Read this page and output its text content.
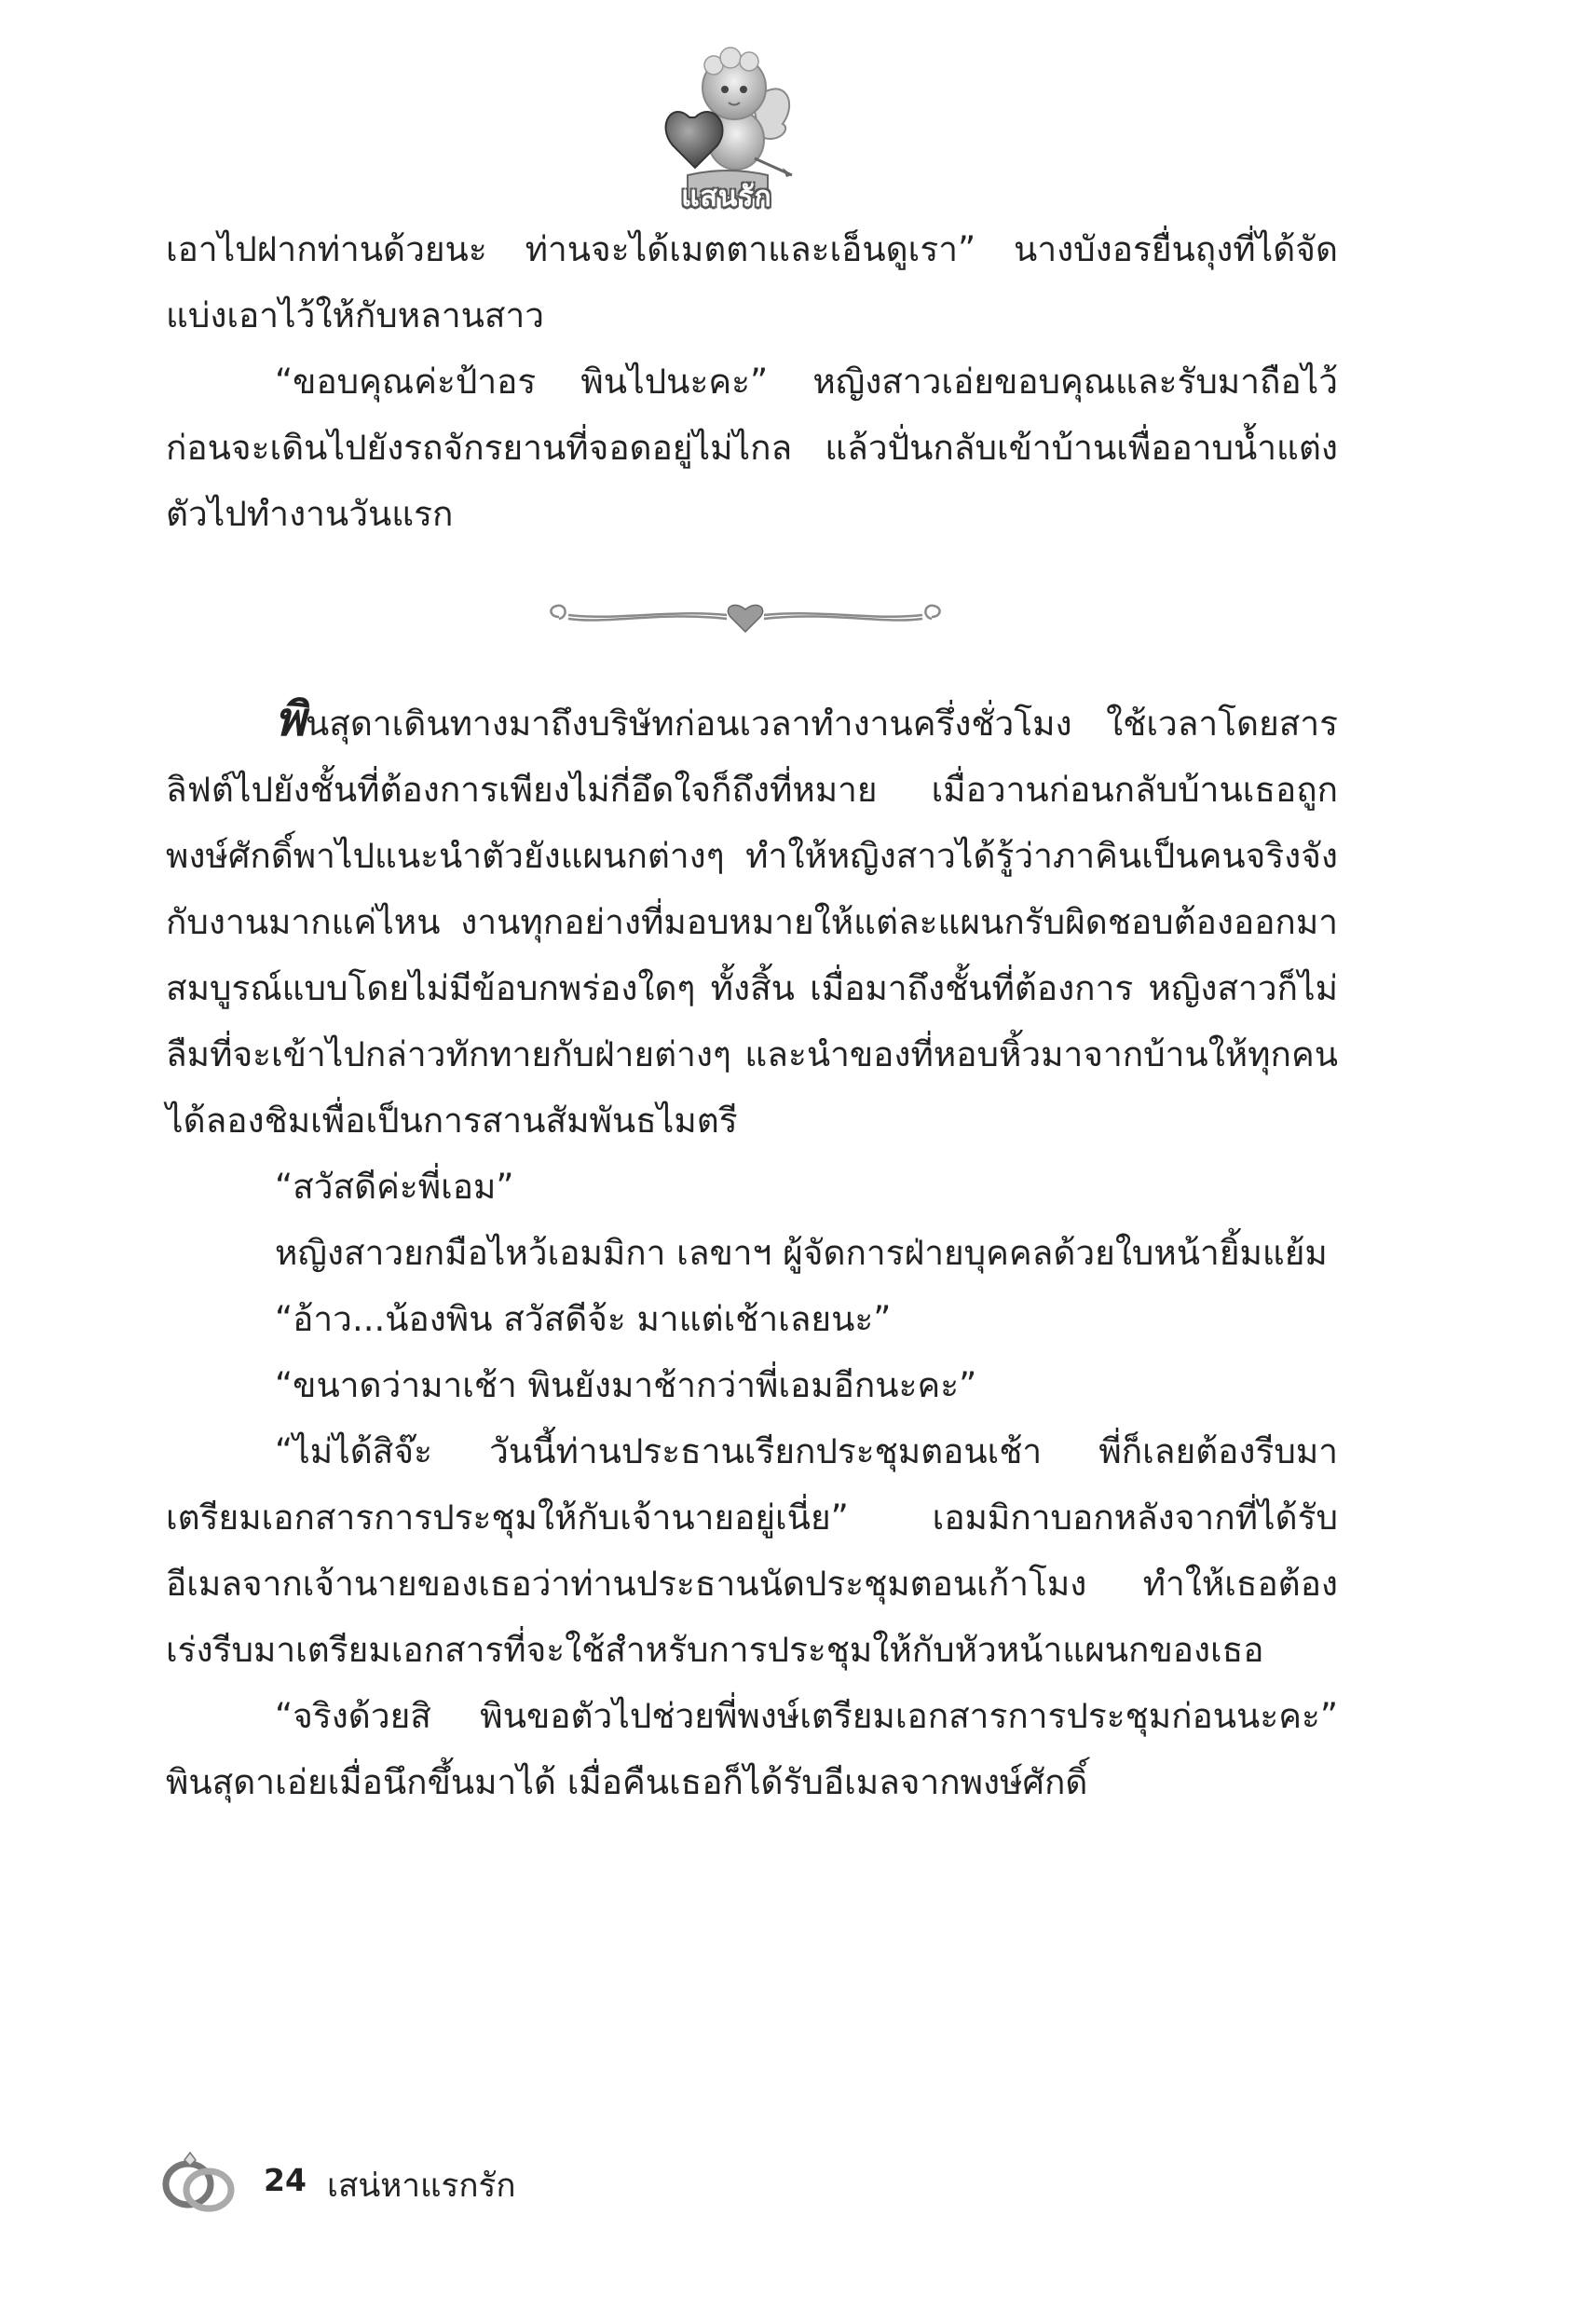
แสนรัก

เอาไปฝากท่านด้วยนะ ท่านจะได้เมตตาและเอ็นดูเรา” นางบังอรยื่นถุงที่ได้จัดแบ่งเอาไว้ให้กับหลานสาว

“ขอบคุณค่ะป้าอร พินไปนะคะ” หญิงสาวเอ่ยขอบคุณและรับมาถือไว้ ก่อนจะเดินไปยังรถจักรยานที่จอดอยู่ไม่ไกล แล้วปั่นกลับเข้าบ้านเพื่ออาบน้ำแต่งตัวไปทำงานวันแรก

พินสุดาเดินทางมาถึงบริษัทก่อนเวลาทำงานครึ่งชั่วโมง ใช้เวลาโดยสารลิฟต์ไปยังชั้นที่ต้องการเพียงไม่กี่อึดใจก็ถึงที่หมาย เมื่อวานก่อนกลับบ้านเธอถูกพงษ์ศักดิ์พาไปแนะนำตัวยังแผนกต่างๆ ทำให้หญิงสาวได้รู้ว่าภาคินเป็นคนจริงจังกับงานมากแค่ไหน งานทุกอย่างที่มอบหมายให้แต่ละแผนกรับผิดชอบต้องออกมาสมบูรณ์แบบโดยไม่มีข้อบกพร่องใดๆ ทั้งสิ้น เมื่อมาถึงชั้นที่ต้องการ หญิงสาวก็ไม่ลืมที่จะเข้าไปกล่าวทักทายกับฝ่ายต่างๆ และนำของที่หอบหิ้วมาจากบ้านให้ทุกคนได้ลองชิมเพื่อเป็นการสานสัมพันธไมตรี

“สวัสดีค่ะพี่เอม”

หญิงสาวยกมือไหว้เอมมิกา เลขาฯ ผู้จัดการฝ่ายบุคคลด้วยใบหน้ายิ้มแย้ม

“อ้าว...น้องพิน สวัสดีจ้ะ มาแต่เช้าเลยนะ”

“ขนาดว่ามาเช้า พินยังมาช้ากว่าพี่เอมอีกนะคะ”

“ไม่ได้สิจ๊ะ วันนี้ท่านประธานเรียกประชุมตอนเช้า พี่ก็เลยต้องรีบมาเตรียมเอกสารการประชุมให้กับเจ้านายอยู่เนี่ย” เอมมิกาบอกหลังจากที่ได้รับอีเมลจากเจ้านายของเธอว่าท่านประธานนัดประชุมตอนเก้าโมง ทำให้เธอต้องเร่งรีบมาเตรียมเอกสารที่จะใช้สำหรับการประชุมให้กับหัวหน้าแผนกของเธอ

“จริงด้วยสิ พินขอตัวไปช่วยพี่พงษ์เตรียมเอกสารการประชุมก่อนนะคะ” พินสุดาเอ่ยเมื่อนึกขึ้นมาได้ เมื่อคืนเธอก็ได้รับอีเมลจากพงษ์ศักดิ์

24 เสน่หาแรกรัก
